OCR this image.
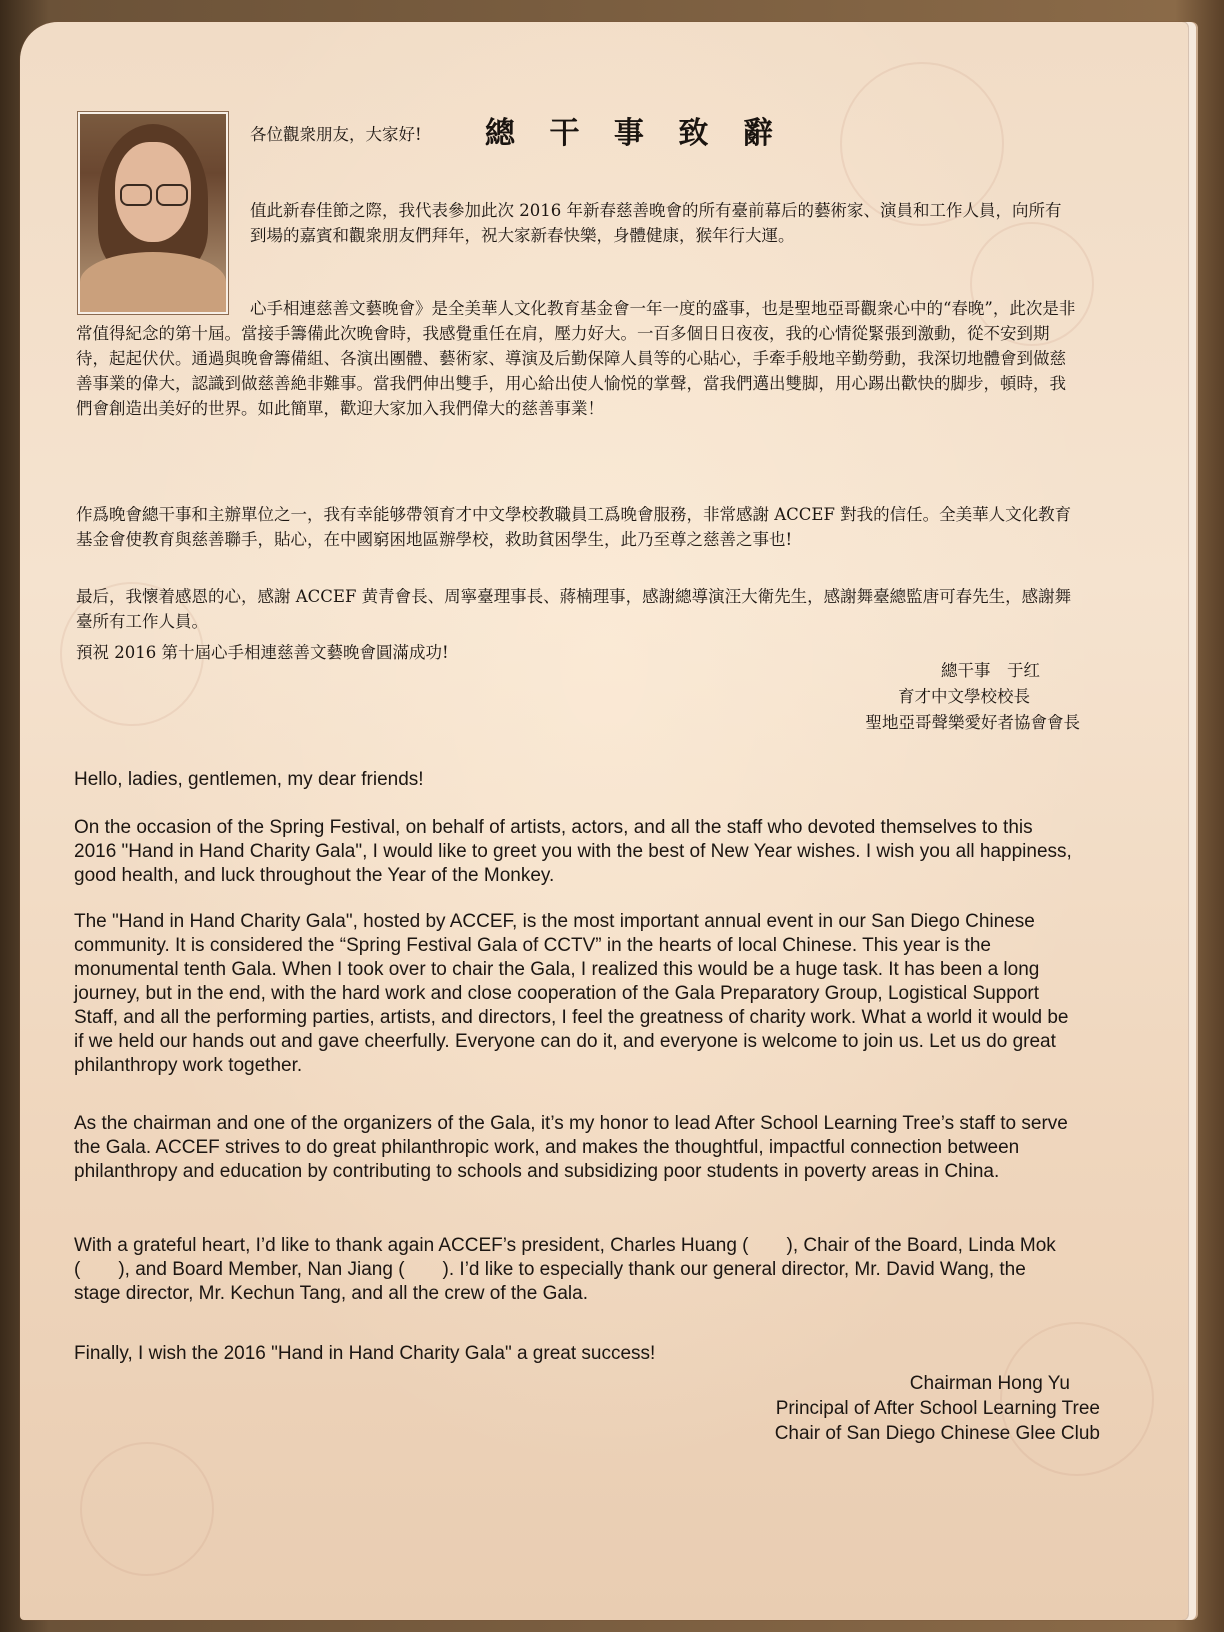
總 干 事 致 辭

各位觀衆朋友，大家好!

值此新春佳節之際，我代表參加此次 2016 年新春慈善晚會的所有臺前幕后的藝術家、演員和工作人員，向所有到場的嘉賓和觀衆朋友們拜年，祝大家新春快樂，身體健康，猴年行大運。

心手相連慈善文藝晚會》是全美華人文化教育基金會一年一度的盛事，也是聖地亞哥觀衆心中的“春晚”，此次是非常值得紀念的第十屆。當接手籌備此次晚會時，我感覺重任在肩，壓力好大。一百多個日日夜夜，我的心情從緊張到激動，從不安到期待，起起伏伏。通過與晚會籌備組、各演出團體、藝術家、導演及后勤保障人員等的心貼心，手牽手般地辛勤勞動，我深切地體會到做慈善事業的偉大，認識到做慈善絶非難事。當我們伸出雙手，用心給出使人愉悦的掌聲，當我們邁出雙脚，用心踢出歡快的脚步，頓時，我們會創造出美好的世界。如此簡單，歡迎大家加入我們偉大的慈善事業！

作爲晚會總干事和主辦單位之一，我有幸能够帶領育才中文學校教職員工爲晚會服務，非常感謝 ACCEF 對我的信任。全美華人文化教育基金會使教育與慈善聯手，貼心，在中國窮困地區辦學校，救助貧困學生，此乃至尊之慈善之事也!

最后，我懷着感恩的心，感謝 ACCEF 黄青會長、周寧臺理事長、蔣楠理事，感謝總導演汪大衛先生，感謝舞臺總監唐可春先生，感謝舞臺所有工作人員。

預祝 2016 第十屆心手相連慈善文藝晚會圓滿成功!

總干事　于红

育才中文學校校長

聖地亞哥聲樂愛好者協會會長

Hello, ladies, gentlemen, my dear friends!

On the occasion of the Spring Festival, on behalf of artists, actors, and all the staff who devoted themselves to this 2016 "Hand in Hand Charity Gala", I would like to greet you with the best of New Year wishes. I wish you all happiness, good health, and luck throughout the Year of the Monkey.

The "Hand in Hand Charity Gala", hosted by ACCEF, is the most important annual event in our San Diego Chinese community. It is considered the “Spring Festival Gala of CCTV” in the hearts of local Chinese. This year is the monumental tenth Gala. When I took over to chair the Gala, I realized this would be a huge task. It has been a long journey, but in the end, with the hard work and close cooperation of the Gala Preparatory Group, Logistical Support Staff, and all the performing parties, artists, and directors, I feel the greatness of charity work. What a world it would be if we held our hands out and gave cheerfully. Everyone can do it, and everyone is welcome to join us. Let us do great philanthropy work together.

As the chairman and one of the organizers of the Gala, it’s my honor to lead After School Learning Tree’s staff to serve the Gala. ACCEF strives to do great philanthropic work, and makes the thoughtful, impactful connection between philanthropy and education by contributing to schools and subsidizing poor students in poverty areas in China.

With a grateful heart, I’d like to thank again ACCEF’s president, Charles Huang (　　), Chair of the Board, Linda Mok (　　), and Board Member, Nan Jiang (　　). I’d like to especially thank our general director, Mr. David Wang, the stage director, Mr. Kechun Tang, and all the crew of the Gala.

Finally, I wish the 2016 "Hand in Hand Charity Gala" a great success!

Chairman Hong Yu

Principal of After School Learning Tree

Chair of San Diego Chinese Glee Club
